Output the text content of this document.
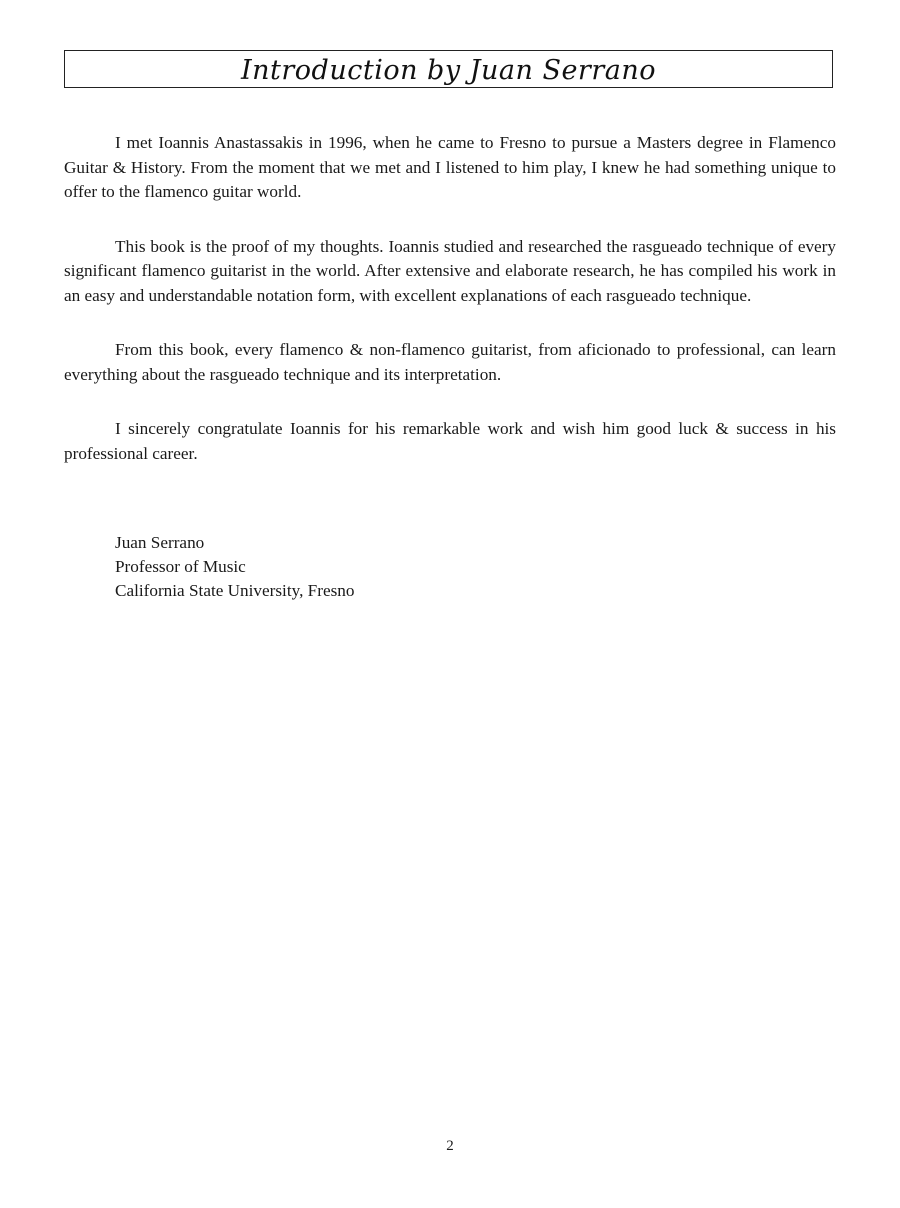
Introduction by Juan Serrano

I met Ioannis Anastassakis in 1996, when he came to Fresno to pursue a Masters degree in Flamenco Guitar & History. From the moment that we met and I listened to him play, I knew he had something unique to offer to the flamenco guitar world.

This book is the proof of my thoughts. Ioannis studied and researched the rasgueado technique of every significant flamenco guitarist in the world. After extensive and elaborate research, he has compiled his work in an easy and understandable notation form, with excellent explanations of each rasgueado technique.

From this book, every flamenco & non-flamenco guitarist, from aficionado to professional, can learn everything about the rasgueado technique and its interpretation.

I sincerely congratulate Ioannis for his remarkable work and wish him good luck & success in his professional career.

Juan Serrano
Professor of Music
California State University, Fresno
2
